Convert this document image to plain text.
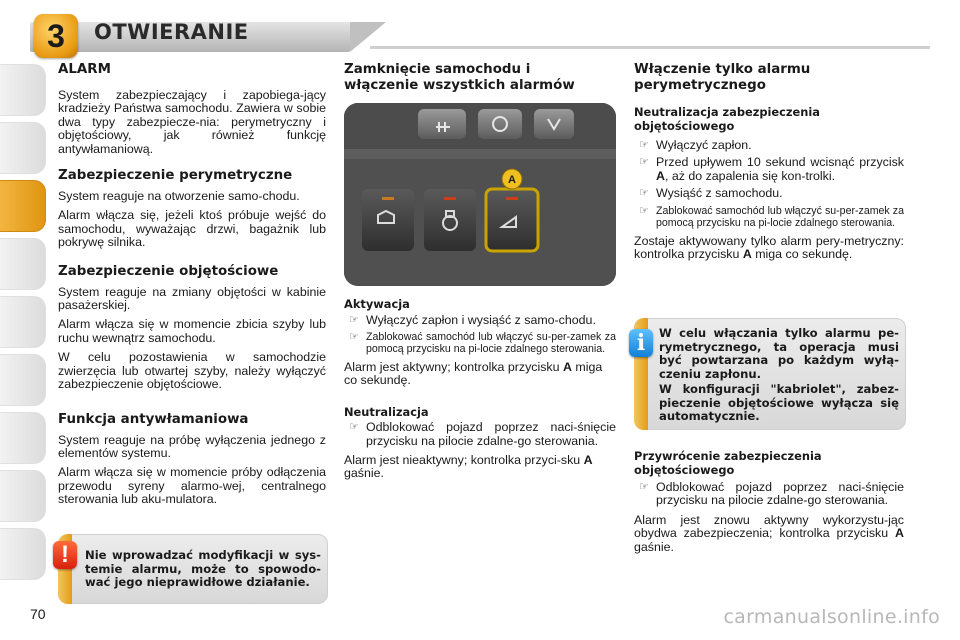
3	OTWIERANIE
ALARM

System zabezpieczający i zapobiega-jący kradzieży Państwa samochodu. Zawiera w sobie dwa typy zabezpiecze-nia: perymetryczny i objętościowy, jak również funkcję antywłamaniową.

Zabezpieczenie perymetryczne

System reaguje na otworzenie samo-chodu.

Alarm włącza się, jeżeli ktoś próbuje wejść do samochodu, wyważając drzwi, bagażnik lub pokrywę silnika.

Zabezpieczenie objętościowe

System reaguje na zmiany objętości w kabinie pasażerskiej.

Alarm włącza się w momencie zbicia szyby lub ruchu wewnątrz samochodu.

W celu pozostawienia w samochodzie zwierzęcia lub otwartej szyby, należy wyłączyć zabezpieczenie objętościowe.

Funkcja antywłamaniowa

System reaguje na próbę wyłączenia jednego z elementów systemu.

Alarm włącza się w momencie próby odłączenia przewodu syreny alarmo-wej, centralnego sterowania lub aku-mulatora.

!	Nie wprowadzać modyfikacji w sys-temie alarmu, może to spowodo-wać jego nieprawidłowe działanie.
Zamknięcie samochodu i włączenie wszystkich alarmów
A
Aktywacja
☞ Wyłączyć zapłon i wysiąść z samo-chodu.
☞ Zablokować samochód lub włączyć su-per-zamek za pomocą przycisku na pi-locie zdalnego sterowania.

Alarm jest aktywny; kontrolka przycisku A miga co sekundę.

Neutralizacja
☞ Odblokować pojazd poprzez naci-śnięcie przycisku na pilocie zdalne-go sterowania.

Alarm jest nieaktywny; kontrolka przyci-sku A gaśnie.

Włączenie tylko alarmu perymetrycznego
Neutralizacja zabezpieczenia objętościowego
☞ Wyłączyć zapłon.
☞ Przed upływem 10 sekund wcisnąć przycisk A, aż do zapalenia się kon-trolki.
☞ Wysiąść z samochodu.
☞ Zablokować samochód lub włączyć su-per-zamek za pomocą przycisku na pi-locie zdalnego sterowania.

Zostaje aktywowany tylko alarm pery-metryczny: kontrolka przycisku A miga co sekundę.

i	W celu włączania tylko alarmu pe-rymetrycznego, ta operacja musi być powtarzana po każdym wyłą-czeniu zapłonu.
W konfiguracji "kabriolet", zabez-pieczenie objętościowe wyłącza się automatycznie.
Przywrócenie zabezpieczenia objętościowego
☞ Odblokować pojazd poprzez naci-śnięcie przycisku na pilocie zdalne-go sterowania.

Alarm jest znowu aktywny wykorzystu-jąc obydwa zabezpieczenia; kontrolka przycisku A gaśnie.

70	carmanualsonline.info
